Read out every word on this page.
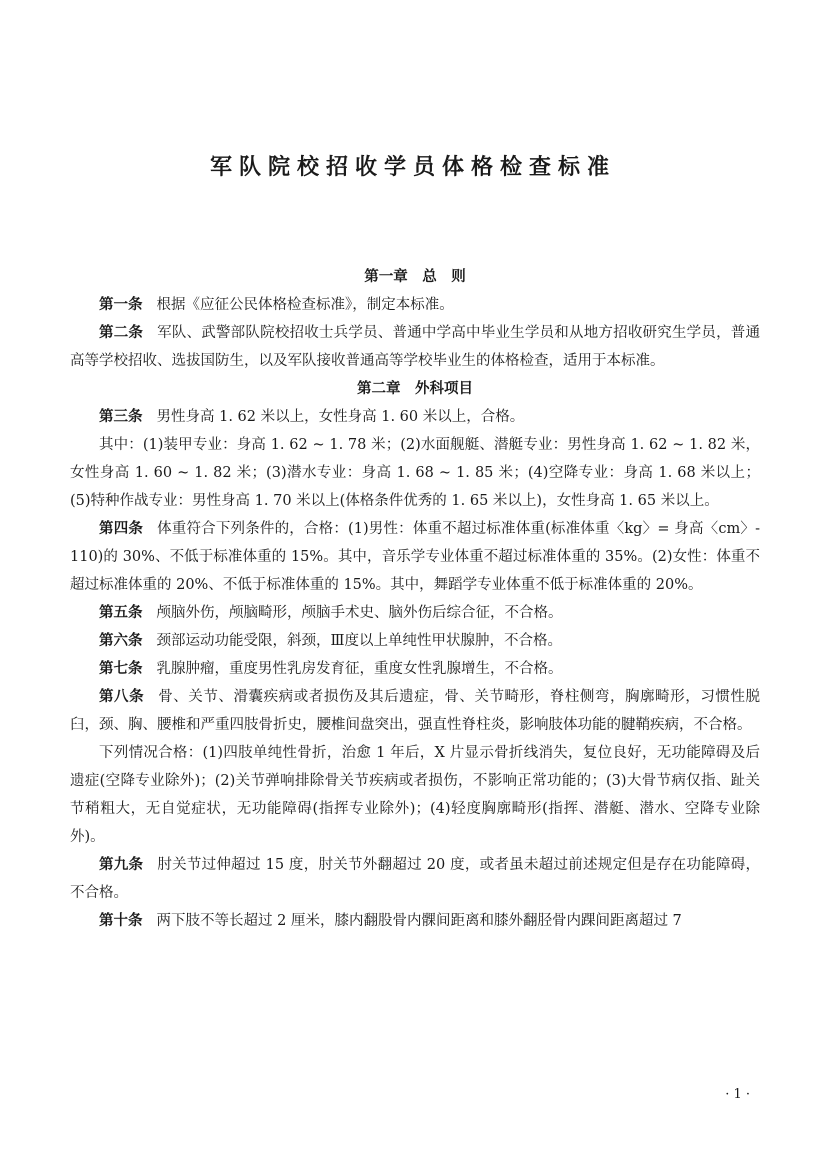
军队院校招收学员体格检查标准

第一章　总　则

第一条 根据《应征公民体格检查标准》，制定本标准。

第二条 军队、武警部队院校招收士兵学员、普通中学高中毕业生学员和从地方招收研究生学员，普通高等学校招收、选拔国防生，以及军队接收普通高等学校毕业生的体格检查，适用于本标准。

第二章　外科项目

第三条 男性身高 1. 62 米以上，女性身高 1. 60 米以上，合格。

其中：(1)装甲专业：身高 1. 62 ~ 1. 78 米；(2)水面舰艇、潜艇专业：男性身高 1. 62 ~ 1. 82 米，女性身高 1. 60 ~ 1. 82 米；(3)潜水专业：身高 1. 68 ~ 1. 85 米；(4)空降专业：身高 1. 68 米以上；(5)特种作战专业：男性身高 1. 70 米以上(体格条件优秀的 1. 65 米以上)，女性身高 1. 65 米以上。

第四条 体重符合下列条件的，合格：(1)男性：体重不超过标准体重(标准体重〈kg〉= 身高〈cm〉- 110)的 30%、不低于标准体重的 15%。其中，音乐学专业体重不超过标准体重的 35%。(2)女性：体重不超过标准体重的 20%、不低于标准体重的 15%。其中，舞蹈学专业体重不低于标准体重的 20%。

第五条 颅脑外伤，颅脑畸形，颅脑手术史、脑外伤后综合征，不合格。

第六条 颈部运动功能受限，斜颈，Ⅲ度以上单纯性甲状腺肿，不合格。

第七条 乳腺肿瘤，重度男性乳房发育征，重度女性乳腺增生，不合格。

第八条 骨、关节、滑囊疾病或者损伤及其后遗症，骨、关节畸形，脊柱侧弯，胸廓畸形，习惯性脱臼，颈、胸、腰椎和严重四肢骨折史，腰椎间盘突出，强直性脊柱炎，影响肢体功能的腱鞘疾病，不合格。

下列情况合格：(1)四肢单纯性骨折，治愈 1 年后，X 片显示骨折线消失，复位良好，无功能障碍及后遗症(空降专业除外)；(2)关节弹响排除骨关节疾病或者损伤，不影响正常功能的；(3)大骨节病仅指、趾关节稍粗大，无自觉症状，无功能障碍(指挥专业除外)；(4)轻度胸廓畸形(指挥、潜艇、潜水、空降专业除外)。

第九条 肘关节过伸超过 15 度，肘关节外翻超过 20 度，或者虽未超过前述规定但是存在功能障碍，不合格。

第十条 两下肢不等长超过 2 厘米，膝内翻股骨内髁间距离和膝外翻胫骨内踝间距离超过 7

· 1 ·
